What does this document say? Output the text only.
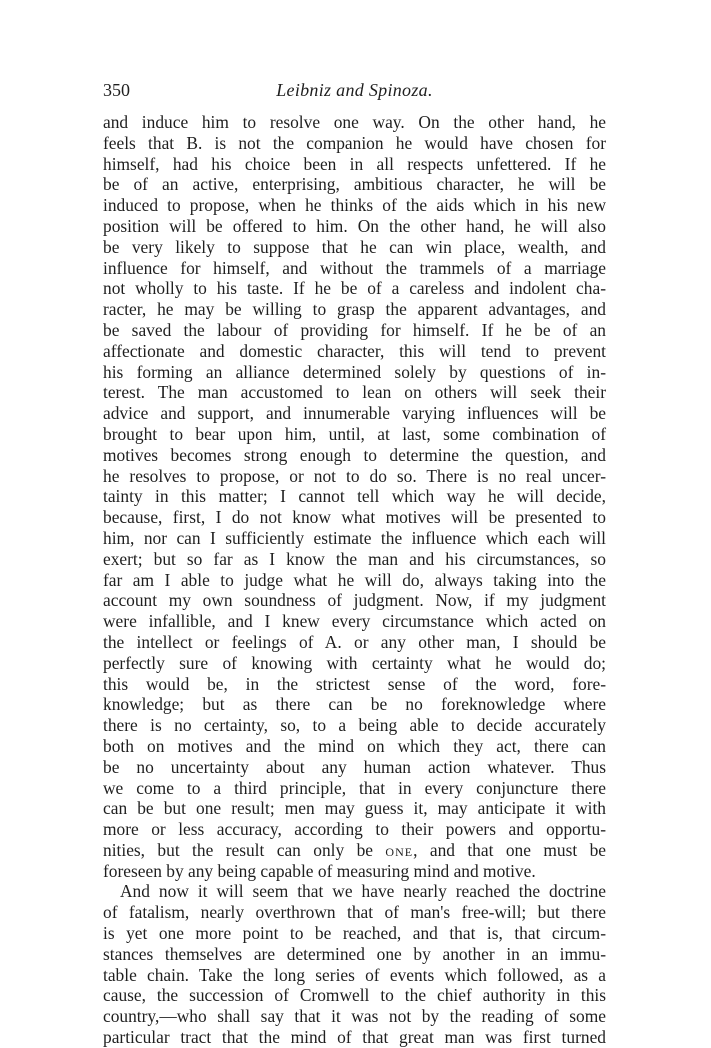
350	Leibniz and Spinoza.
and induce him to resolve one way. On the other hand, he
feels that B. is not the companion he would have chosen for
himself, had his choice been in all respects unfettered. If he
be of an active, enterprising, ambitious character, he will be
induced to propose, when he thinks of the aids which in his new
position will be offered to him. On the other hand, he will also
be very likely to suppose that he can win place, wealth, and
influence for himself, and without the trammels of a marriage
not wholly to his taste. If he be of a careless and indolent cha-
racter, he may be willing to grasp the apparent advantages, and
be saved the labour of providing for himself. If he be of an
affectionate and domestic character, this will tend to prevent
his forming an alliance determined solely by questions of in-
terest. The man accustomed to lean on others will seek their
advice and support, and innumerable varying influences will be
brought to bear upon him, until, at last, some combination of
motives becomes strong enough to determine the question, and
he resolves to propose, or not to do so. There is no real uncer-
tainty in this matter; I cannot tell which way he will decide,
because, first, I do not know what motives will be presented to
him, nor can I sufficiently estimate the influence which each will
exert; but so far as I know the man and his circumstances, so
far am I able to judge what he will do, always taking into the
account my own soundness of judgment. Now, if my judgment
were infallible, and I knew every circumstance which acted on
the intellect or feelings of A. or any other man, I should be
perfectly sure of knowing with certainty what he would do;
this would be, in the strictest sense of the word, fore-
knowledge; but as there can be no foreknowledge where
there is no certainty, so, to a being able to decide accurately
both on motives and the mind on which they act, there can
be no uncertainty about any human action whatever. Thus
we come to a third principle, that in every conjuncture there
can be but one result; men may guess it, may anticipate it with
more or less accuracy, according to their powers and opportu-
nities, but the result can only be one, and that one must be
foreseen by any being capable of measuring mind and motive.
And now it will seem that we have nearly reached the doctrine
of fatalism, nearly overthrown that of man's free-will; but there
is yet one more point to be reached, and that is, that circum-
stances themselves are determined one by another in an immu-
table chain. Take the long series of events which followed, as a
cause, the succession of Cromwell to the chief authority in this
country,—who shall say that it was not by the reading of some
particular tract that the mind of that great man was first turned
